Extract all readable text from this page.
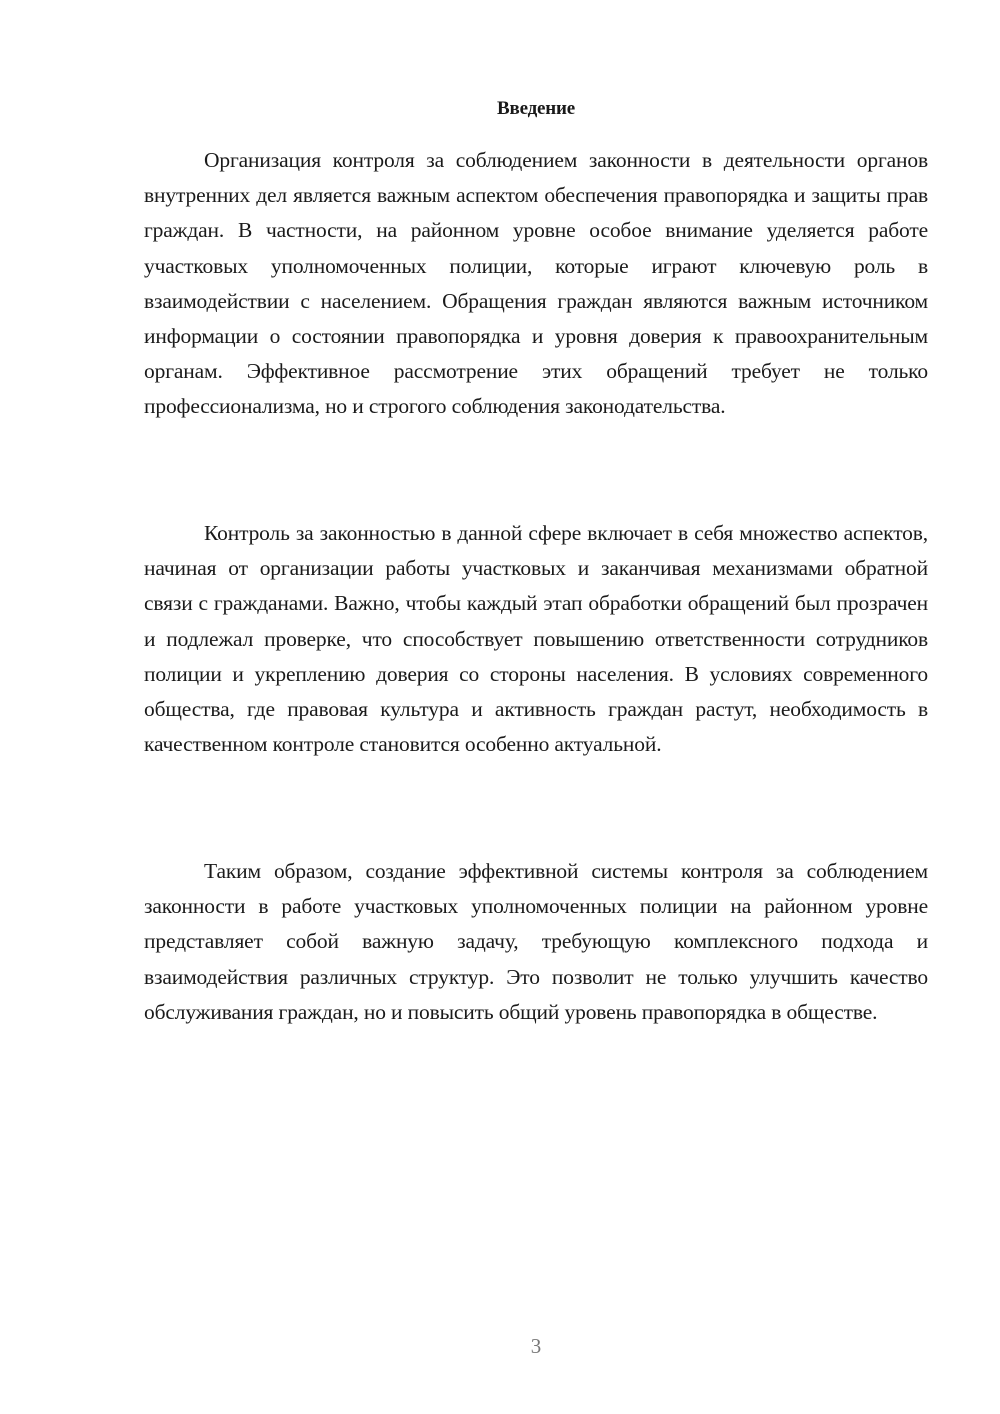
Введение

Организация контроля за соблюдением законности в деятельности органов внутренних дел является важным аспектом обеспечения правопорядка и защиты прав граждан. В частности, на районном уровне особое внимание уделяется работе участковых уполномоченных полиции, которые играют ключевую роль в взаимодействии с населением. Обращения граждан являются важным источником информации о состоянии правопорядка и уровня доверия к правоохранительным органам. Эффективное рассмотрение этих обращений требует не только профессионализма, но и строгого соблюдения законодательства.

Контроль за законностью в данной сфере включает в себя множество аспектов, начиная от организации работы участковых и заканчивая механизмами обратной связи с гражданами. Важно, чтобы каждый этап обработки обращений был прозрачен и подлежал проверке, что способствует повышению ответственности сотрудников полиции и укреплению доверия со стороны населения. В условиях современного общества, где правовая культура и активность граждан растут, необходимость в качественном контроле становится особенно актуальной.

Таким образом, создание эффективной системы контроля за соблюдением законности в работе участковых уполномоченных полиции на районном уровне представляет собой важную задачу, требующую комплексного подхода и взаимодействия различных структур. Это позволит не только улучшить качество обслуживания граждан, но и повысить общий уровень правопорядка в обществе.

3
